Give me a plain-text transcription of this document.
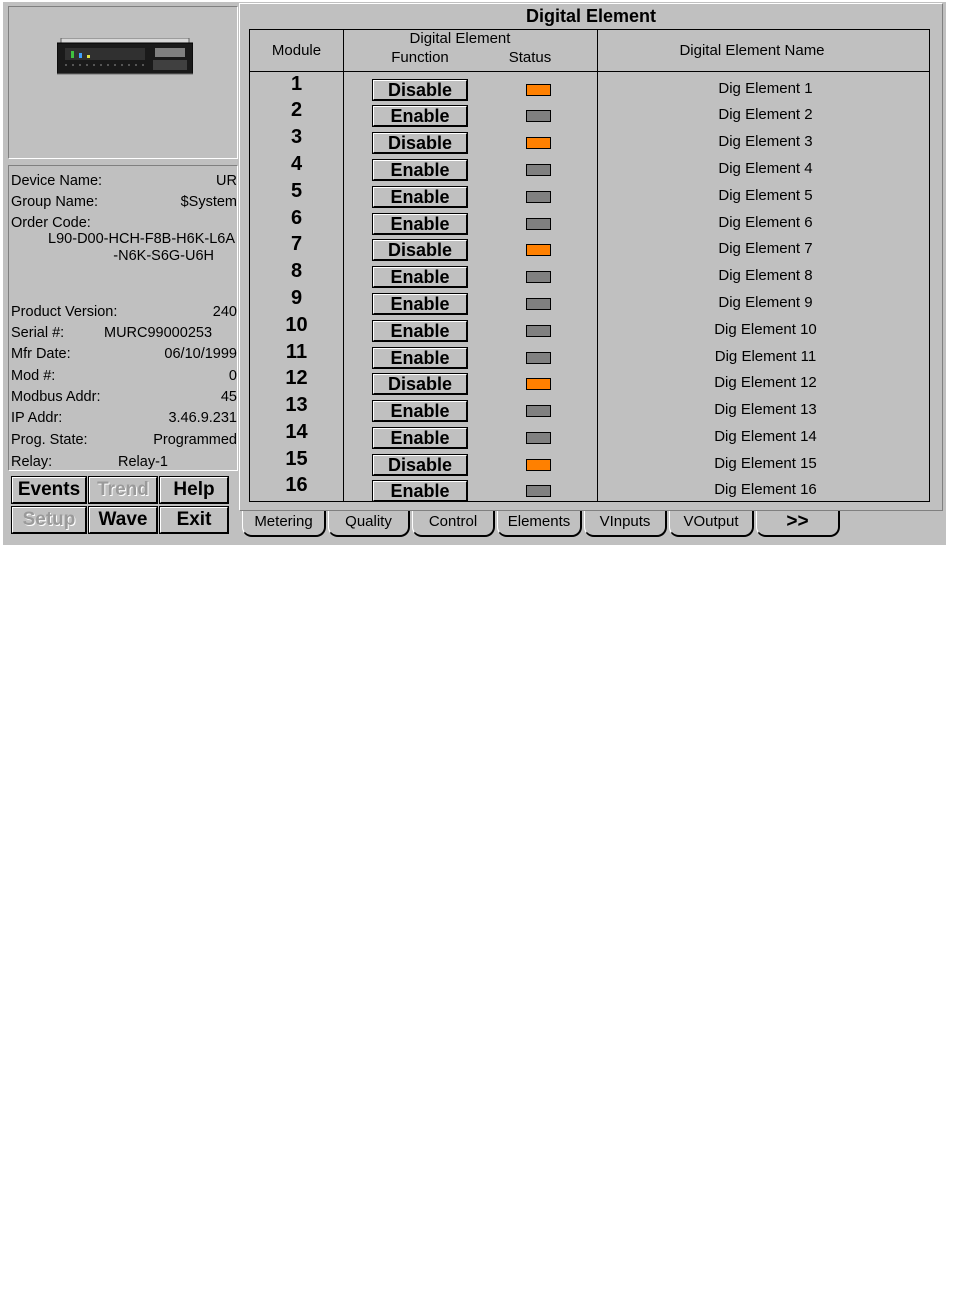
Device Name:	UR
Group Name:	$System
Order Code:
L90-D00-HCH-F8B-H6K-L6A
-N6K-S6G-U6H
Product Version:	240
Serial #:	MURC99000253
Mfr Date:	06/10/1999
Mod #:	0
Modbus Addr:	45
IP Addr:	3.46.9.231
Prog. State:	Programmed
Relay:	Relay-1
Events Trend	Help
Setup	Wave	Exit
Digital Element
Module
Digital Element
Function	Status	Digital Element Name
1	Disable	Dig Element 1
2	Enable	Dig Element 2
3	Disable	Dig Element 3
4	Enable	Dig Element 4
5	Enable	Dig Element 5
6	Enable	Dig Element 6
7	Disable	Dig Element 7
8	Enable	Dig Element 8
9	Enable	Dig Element 9
10	Enable	Dig Element 10
11	Enable	Dig Element 11
12	Disable	Dig Element 12
13	Enable	Dig Element 13
14	Enable	Dig Element 14
15	Disable	Dig Element 15
16	Enable	Dig Element 16
Metering	Quality	Control	Elements	VInputs	VOutput	>>
